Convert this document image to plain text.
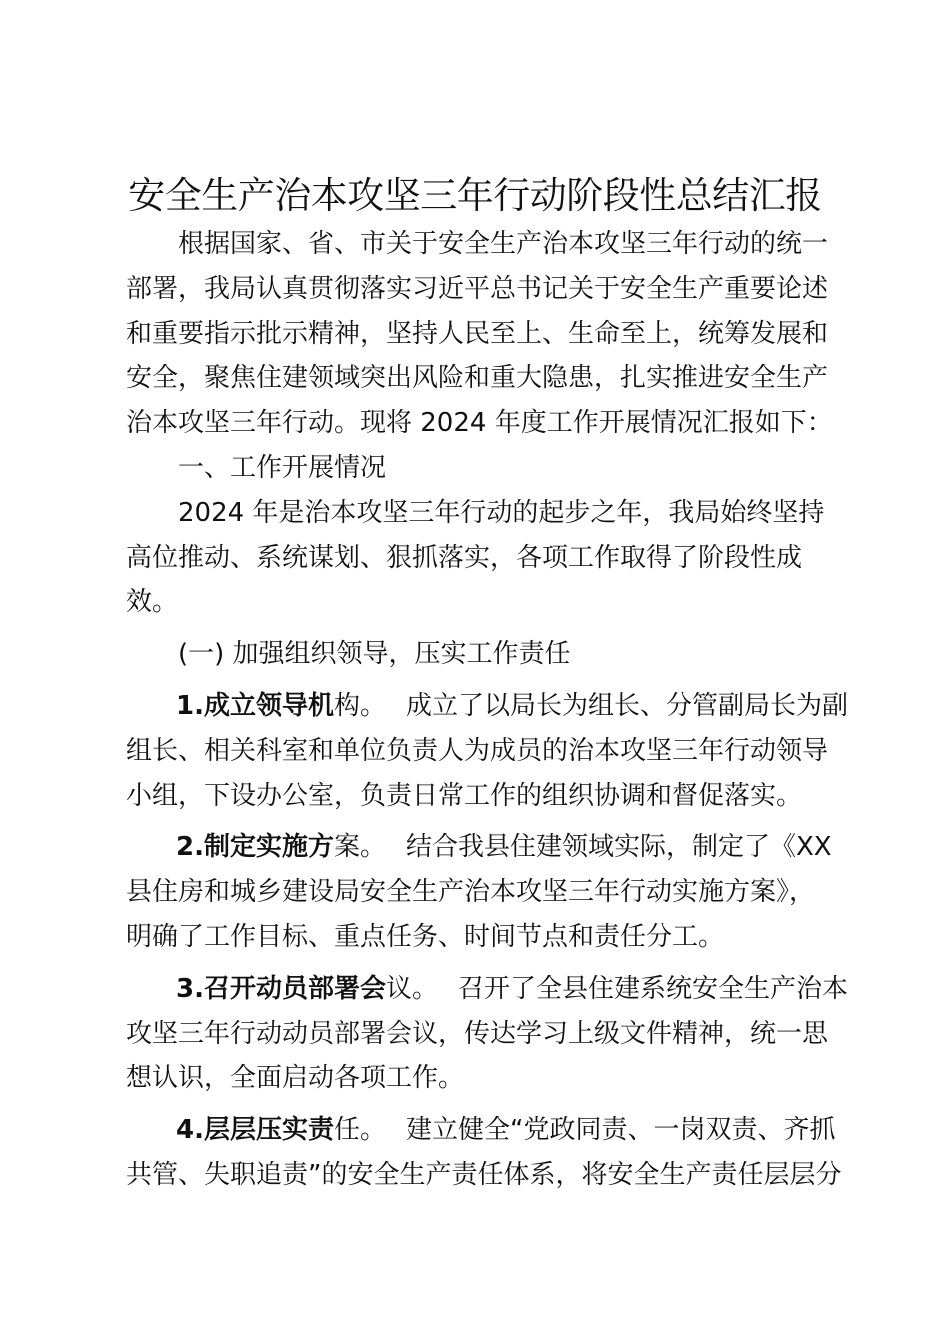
安全生产治本攻坚三年行动阶段性总结汇报

根据国家、省、市关于安全生产治本攻坚三年行动的统一

部署，我局认真贯彻落实习近平总书记关于安全生产重要论述

和重要指示批示精神，坚持人民至上、生命至上，统筹发展和

安全，聚焦住建领域突出风险和重大隐患，扎实推进安全生产

治本攻坚三年行动。现将 2024 年度工作开展情况汇报如下：

一、工作开展情况

2024 年是治本攻坚三年行动的起步之年，我局始终坚持

高位推动、系统谋划、狠抓落实，各项工作取得了阶段性成

效。

(一) 加强组织领导，压实工作责任

1.成立领导机构。 成立了以局长为组长、分管副局长为副

组长、相关科室和单位负责人为成员的治本攻坚三年行动领导

小组，下设办公室，负责日常工作的组织协调和督促落实。

2.制定实施方案。 结合我县住建领域实际，制定了《XX

县住房和城乡建设局安全生产治本攻坚三年行动实施方案》，

明确了工作目标、重点任务、时间节点和责任分工。

3.召开动员部署会议。 召开了全县住建系统安全生产治本

攻坚三年行动动员部署会议，传达学习上级文件精神，统一思

想认识，全面启动各项工作。

4.层层压实责任。 建立健全“党政同责、一岗双责、齐抓

共管、失职追责”的安全生产责任体系，将安全生产责任层层分
